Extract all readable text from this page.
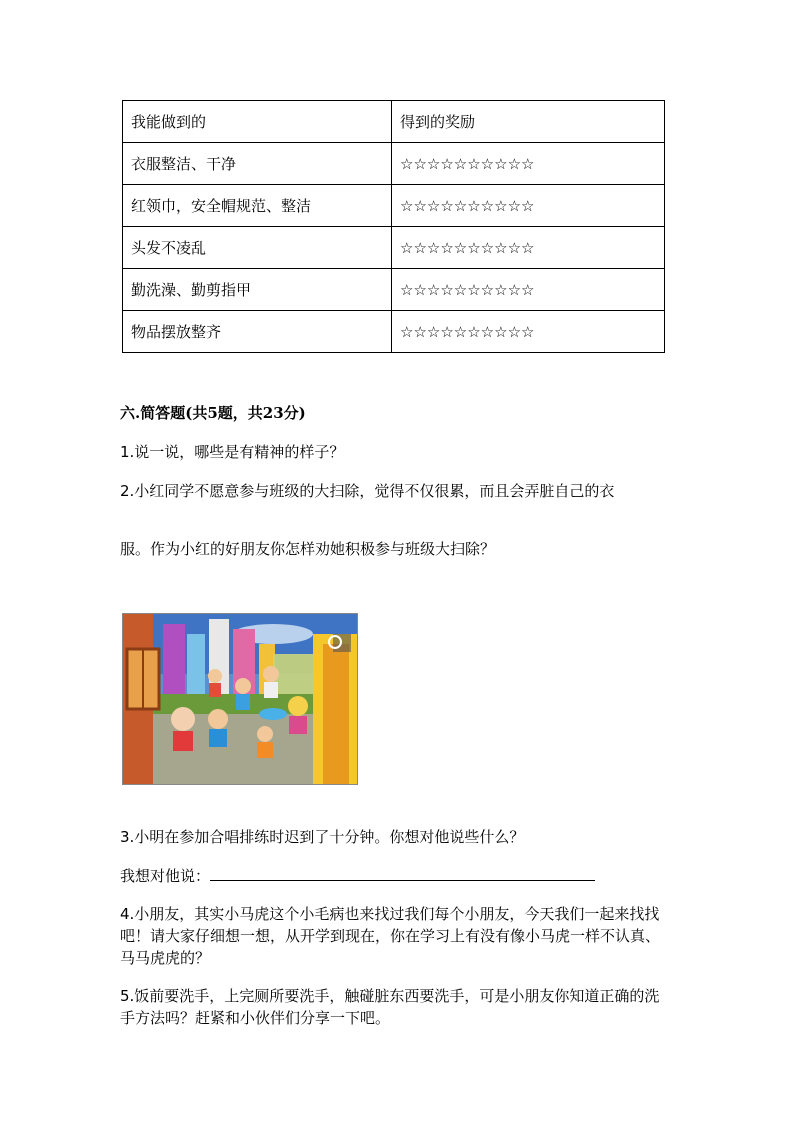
我能做到的	得到的奖励
衣服整洁、干净	☆☆☆☆☆☆☆☆☆☆
红领巾，安全帽规范、整洁	☆☆☆☆☆☆☆☆☆☆
头发不凌乱	☆☆☆☆☆☆☆☆☆☆
勤洗澡、勤剪指甲	☆☆☆☆☆☆☆☆☆☆
物品摆放整齐	☆☆☆☆☆☆☆☆☆☆
六.简答题(共5题，共23分)
1.说一说，哪些是有精神的样子？
2.小红同学不愿意参与班级的大扫除，觉得不仅很累，而且会弄脏自己的衣
服。作为小红的好朋友你怎样劝她积极参与班级大扫除？
3.小明在参加合唱排练时迟到了十分钟。你想对他说些什么？
我想对他说：
4.小朋友，其实小马虎这个小毛病也来找过我们每个小朋友，今天我们一起来找找吧！请大家仔细想一想，从开学到现在，你在学习上有没有像小马虎一样不认真、马马虎虎的？
5.饭前要洗手，上完厕所要洗手，触碰脏东西要洗手，可是小朋友你知道正确的洗手方法吗？赶紧和小伙伴们分享一下吧。
